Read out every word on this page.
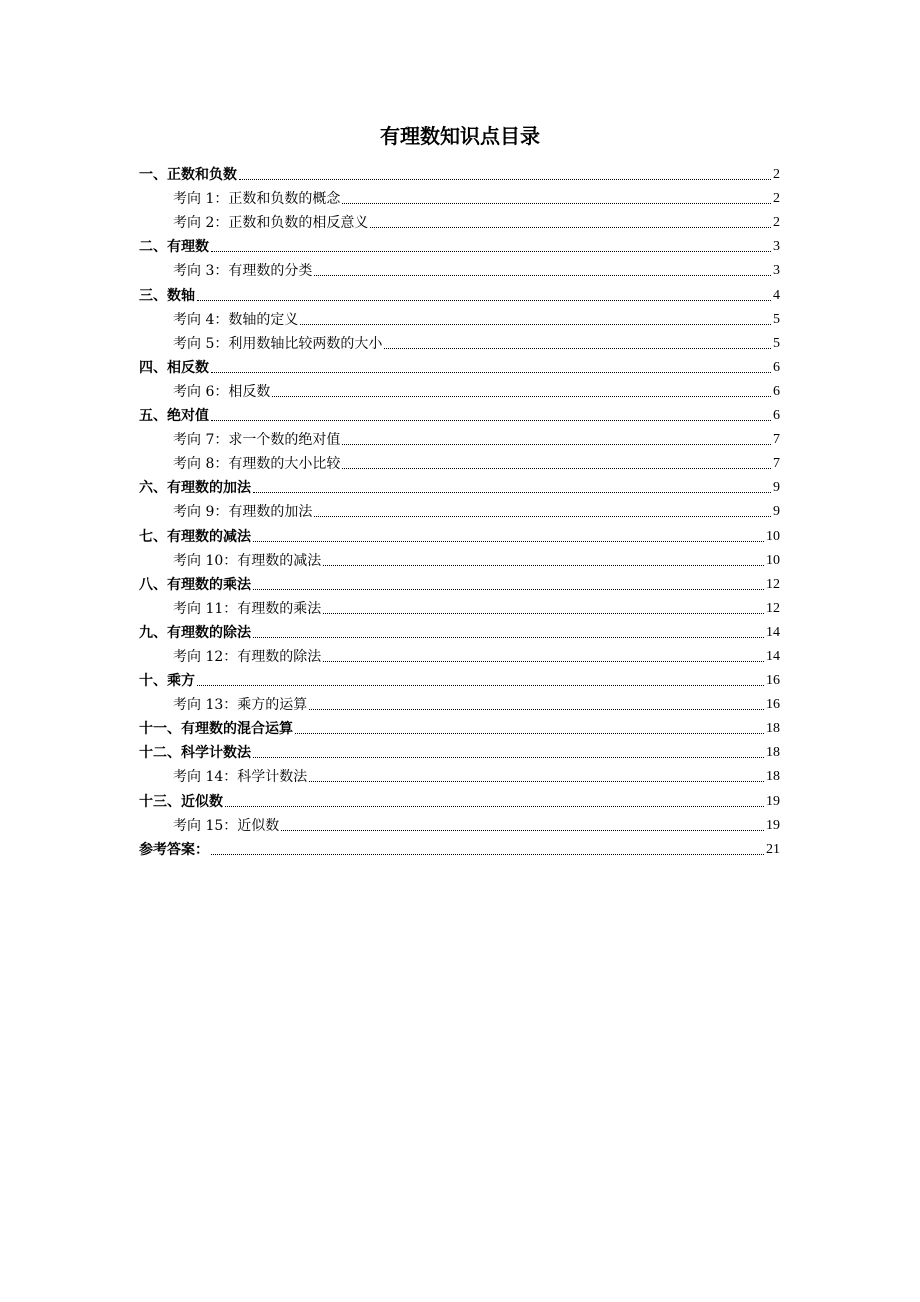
有理数知识点目录
一、正数和负数	2
考向 1：正数和负数的概念	2
考向 2：正数和负数的相反意义	2
二、有理数	3
考向 3：有理数的分类	3
三、数轴	4
考向 4：数轴的定义	5
考向 5：利用数轴比较两数的大小	5
四、相反数	6
考向 6：相反数	6
五、绝对值	6
考向 7：求一个数的绝对值	7
考向 8：有理数的大小比较	7
六、有理数的加法	9
考向 9：有理数的加法	9
七、有理数的减法	10
考向 10：有理数的减法	10
八、有理数的乘法	12
考向 11：有理数的乘法	12
九、有理数的除法	14
考向 12：有理数的除法	14
十、乘方	16
考向 13：乘方的运算	16
十一、有理数的混合运算	18
十二、科学计数法	18
考向 14：科学计数法	18
十三、近似数	19
考向 15：近似数	19
参考答案：	21
